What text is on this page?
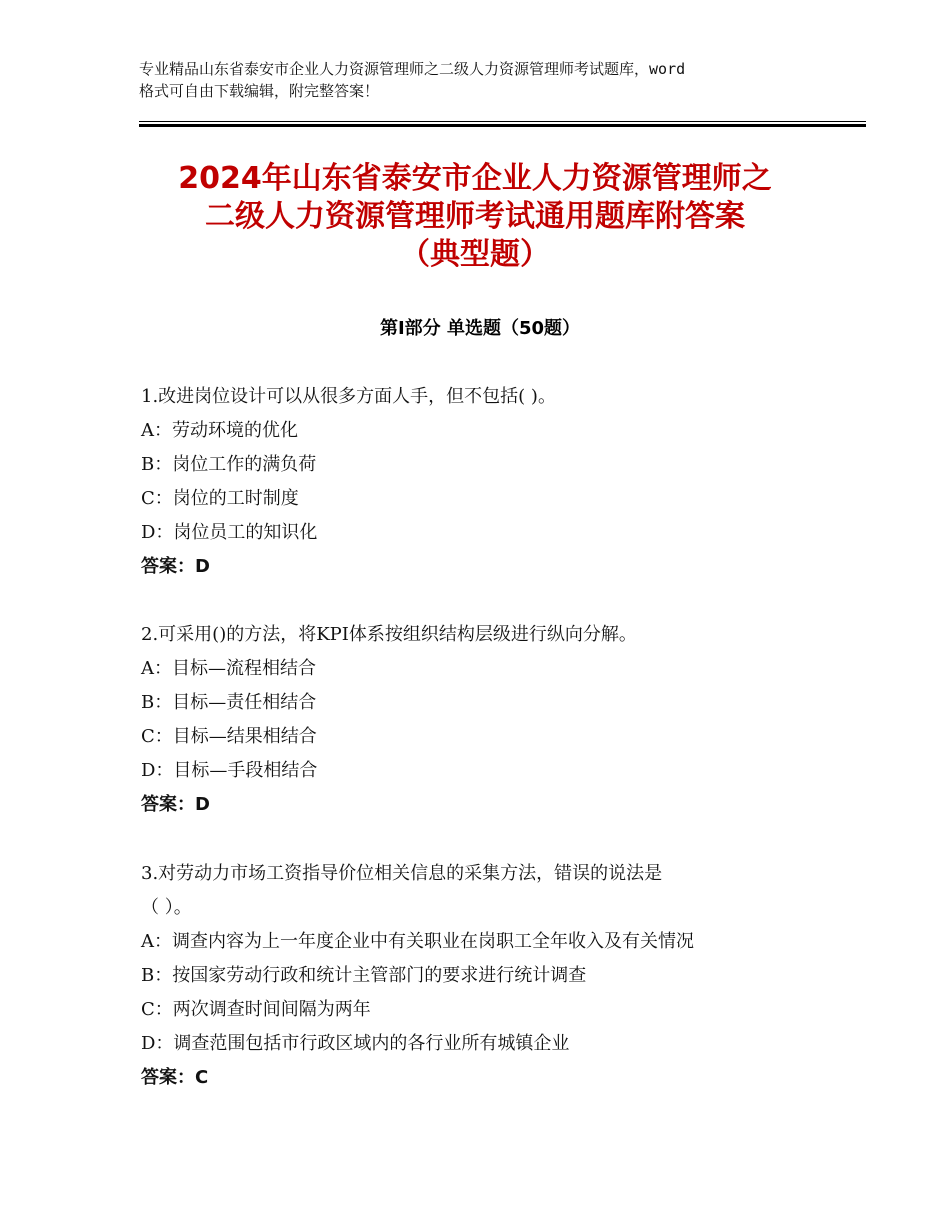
专业精品山东省泰安市企业人力资源管理师之二级人力资源管理师考试题库，word
格式可自由下载编辑，附完整答案！
2024年山东省泰安市企业人力资源管理师之
二级人力资源管理师考试通用题库附答案
（典型题）
第Ⅰ部分 单选题（50题）
1.改进岗位设计可以从很多方面人手，但不包括( )。
A：劳动环境的优化
B：岗位工作的满负荷
C：岗位的工时制度
D：岗位员工的知识化
答案：D
2.可采用()的方法，将KPI体系按组织结构层级进行纵向分解。
A：目标—流程相结合
B：目标—责任相结合
C：目标—结果相结合
D：目标—手段相结合
答案：D
3.对劳动力市场工资指导价位相关信息的采集方法，错误的说法是
（ ）。
A：调查内容为上一年度企业中有关职业在岗职工全年收入及有关情况
B：按国家劳动行政和统计主管部门的要求进行统计调查
C：两次调查时间间隔为两年
D：调查范围包括市行政区域内的各行业所有城镇企业
答案：C
